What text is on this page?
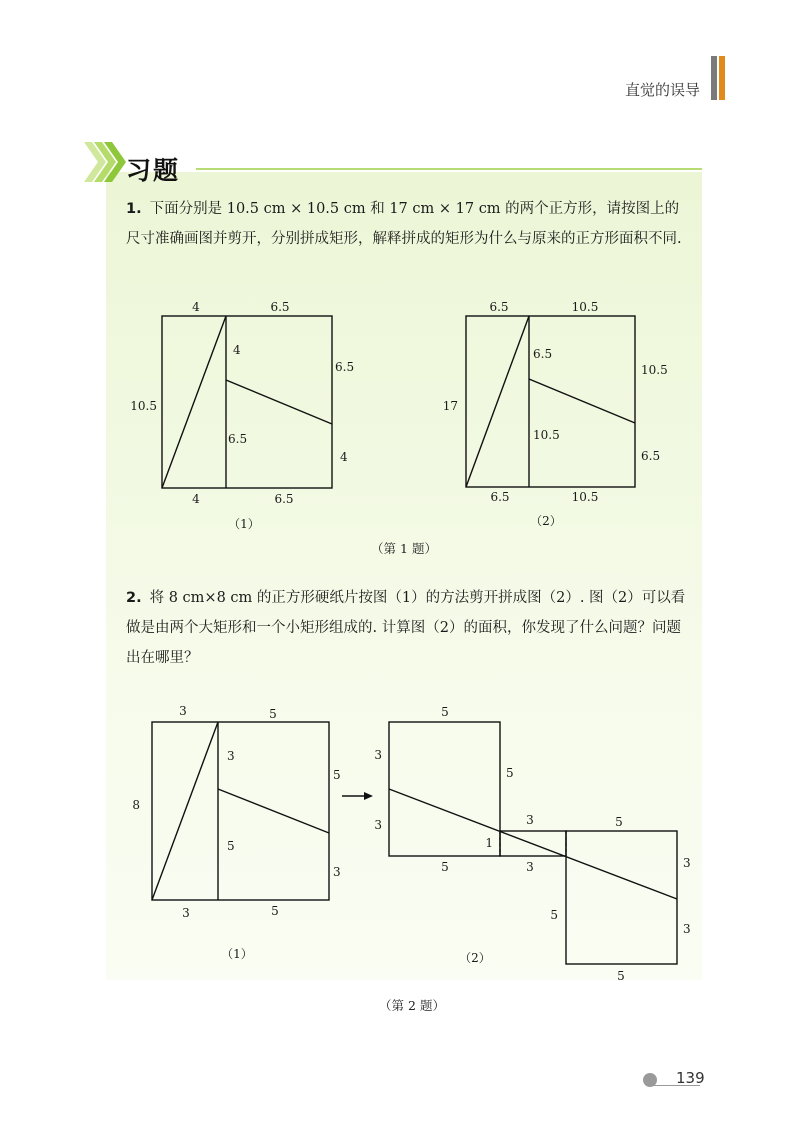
直觉的误导
习题
1. 下面分别是 10.5 cm × 10.5 cm 和 17 cm × 17 cm 的两个正方形，请按图上的尺寸准确画图并剪开，分别拼成矩形，解释拼成的矩形为什么与原来的正方形面积不同.
4	6.5
10.5
4
6.5
6.5
4
4	6.5
（1）
6.5	10.5
17
6.5
10.5
10.5
6.5
6.5	10.5
（2）
（第 1 题）
2. 将 8 cm×8 cm 的正方形硬纸片按图（1）的方法剪开拼成图（2）. 图（2）可以看做是由两个大矩形和一个小矩形组成的. 计算图（2）的面积，你发现了什么问题？问题出在哪里？
3	5
8
3
5
5
3
3	5
（1）
5
3
3
5
3
1
5	3
5
3
3
5
5
（2）
（第 2 题）
139
